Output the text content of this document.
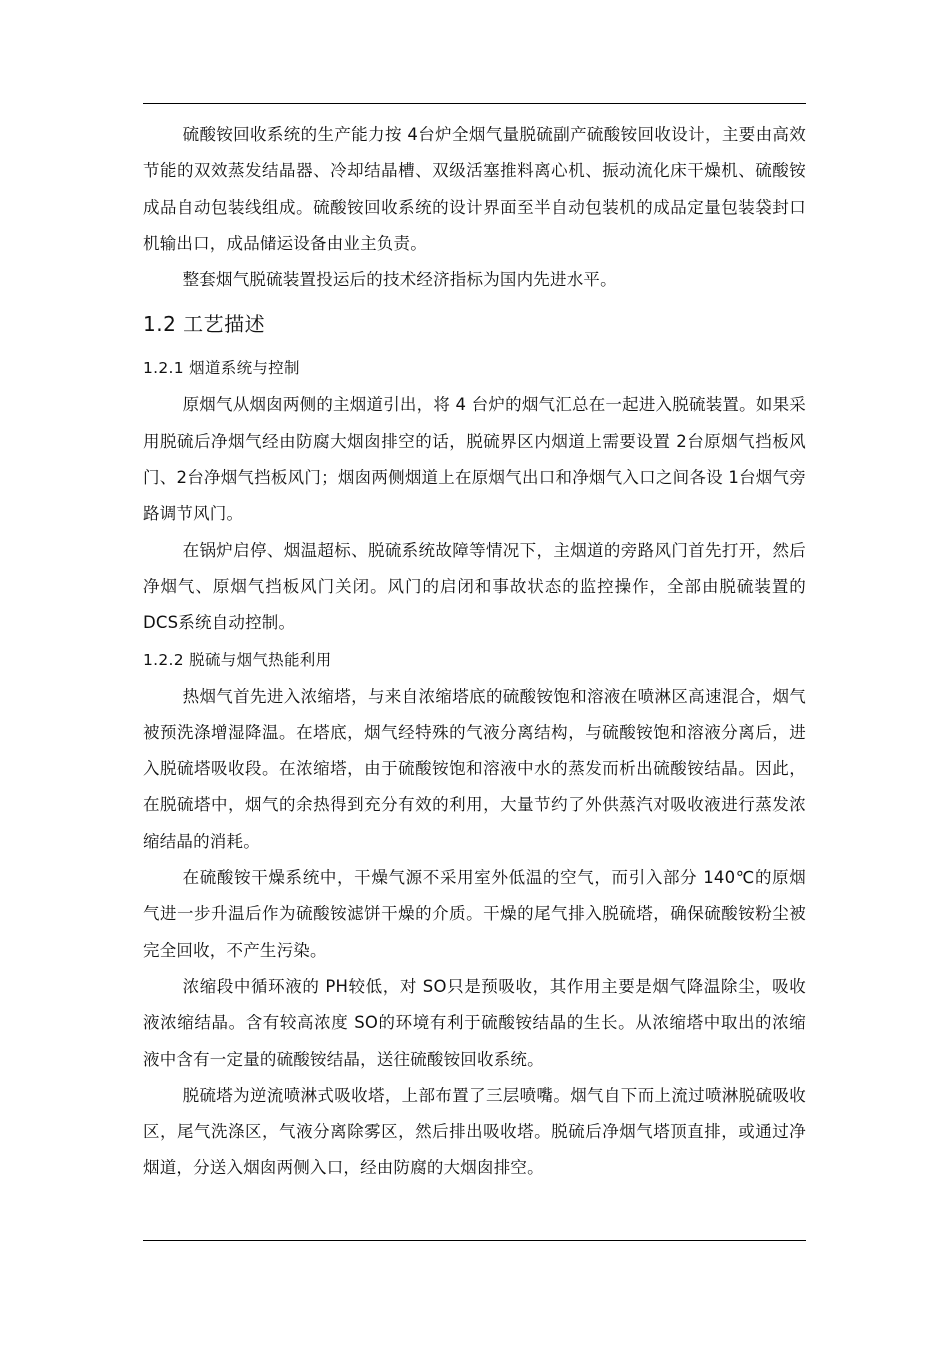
硫酸铵回收系统的生产能力按 4台炉全烟气量脱硫副产硫酸铵回收设计，主要由高效节能的双效蒸发结晶器、冷却结晶槽、双级活塞推料离心机、振动流化床干燥机、硫酸铵成品自动包装线组成。硫酸铵回收系统的设计界面至半自动包装机的成品定量包装袋封口机输出口，成品储运设备由业主负责。

整套烟气脱硫装置投运后的技术经济指标为国内先进水平。

1.2 工艺描述
1.2.1 烟道系统与控制

原烟气从烟囱两侧的主烟道引出，将 4 台炉的烟气汇总在一起进入脱硫装置。如果采用脱硫后净烟气经由防腐大烟囱排空的话，脱硫界区内烟道上需要设置 2台原烟气挡板风门、2台净烟气挡板风门；烟囱两侧烟道上在原烟气出口和净烟气入口之间各设 1台烟气旁路调节风门。

在锅炉启停、烟温超标、脱硫系统故障等情况下，主烟道的旁路风门首先打开，然后净烟气、原烟气挡板风门关闭。风门的启闭和事故状态的监控操作，全部由脱硫装置的 DCS系统自动控制。

1.2.2 脱硫与烟气热能利用

热烟气首先进入浓缩塔，与来自浓缩塔底的硫酸铵饱和溶液在喷淋区高速混合，烟气被预洗涤增湿降温。在塔底，烟气经特殊的气液分离结构，与硫酸铵饱和溶液分离后，进入脱硫塔吸收段。在浓缩塔，由于硫酸铵饱和溶液中水的蒸发而析出硫酸铵结晶。因此，在脱硫塔中，烟气的余热得到充分有效的利用，大量节约了外供蒸汽对吸收液进行蒸发浓缩结晶的消耗。

在硫酸铵干燥系统中，干燥气源不采用室外低温的空气，而引入部分 140℃的原烟气进一步升温后作为硫酸铵滤饼干燥的介质。干燥的尾气排入脱硫塔，确保硫酸铵粉尘被完全回收，不产生污染。

浓缩段中循环液的 PH较低，对 SO只是预吸收，其作用主要是烟气降温除尘，吸收液浓缩结晶。含有较高浓度 SO的环境有利于硫酸铵结晶的生长。从浓缩塔中取出的浓缩液中含有一定量的硫酸铵结晶，送往硫酸铵回收系统。

脱硫塔为逆流喷淋式吸收塔，上部布置了三层喷嘴。烟气自下而上流过喷淋脱硫吸收区，尾气洗涤区，气液分离除雾区，然后排出吸收塔。脱硫后净烟气塔顶直排，或通过净烟道，分送入烟囱两侧入口，经由防腐的大烟囱排空。
